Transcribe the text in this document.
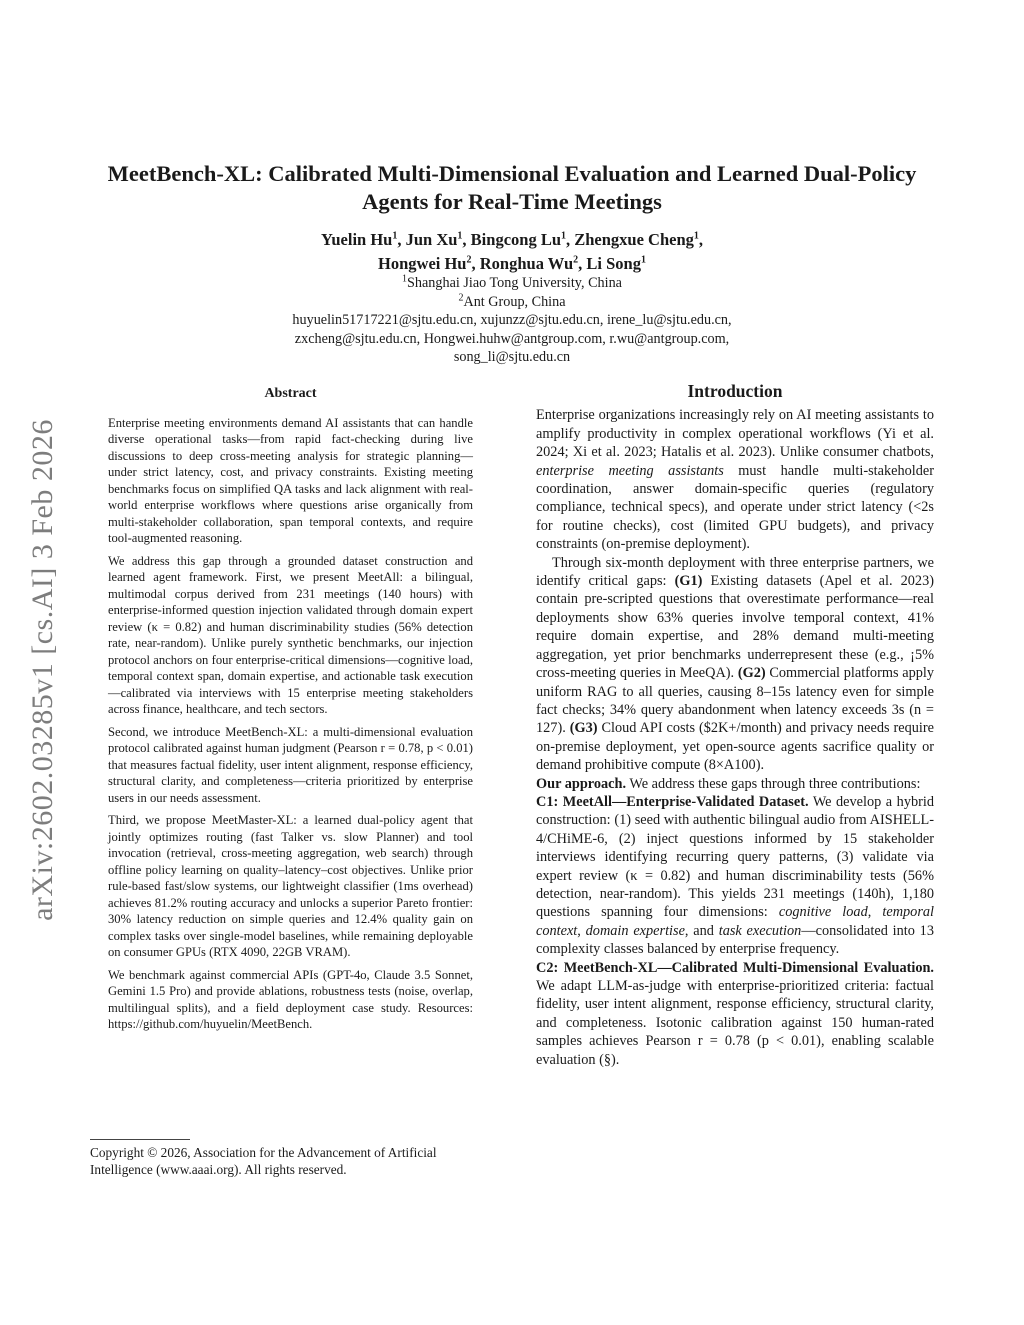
arXiv:2602.03285v1 [cs.AI] 3 Feb 2026
MeetBench-XL: Calibrated Multi-Dimensional Evaluation and Learned Dual-Policy Agents for Real-Time Meetings
Yuelin Hu$^1$, Jun Xu$^1$, Bingcong Lu$^1$, Zhengxue Cheng$^1$,
Hongwei Hu$^2$, Ronghua Wu$^2$, Li Song$^1$
$^1$Shanghai Jiao Tong University, China
$^2$Ant Group, China
huyuelin51717221@sjtu.edu.cn, xujunzz@sjtu.edu.cn, irene_lu@sjtu.edu.cn,
zxcheng@sjtu.edu.cn, Hongwei.huhw@antgroup.com, r.wu@antgroup.com,
song_li@sjtu.edu.cn
Abstract

Enterprise meeting environments demand AI assistants that can handle diverse operational tasks—from rapid fact-checking during live discussions to deep cross-meeting analysis for strategic planning—under strict latency, cost, and privacy constraints. Existing meeting benchmarks focus on simplified QA tasks and lack alignment with real-world enterprise workflows where questions arise organically from multi-stakeholder collaboration, span temporal contexts, and require tool-augmented reasoning.

We address this gap through a grounded dataset construction and learned agent framework. First, we present MeetAll: a bilingual, multimodal corpus derived from 231 meetings (140 hours) with enterprise-informed question injection validated through domain expert review (κ = 0.82) and human discriminability studies (56% detection rate, near-random). Unlike purely synthetic benchmarks, our injection protocol anchors on four enterprise-critical dimensions—cognitive load, temporal context span, domain expertise, and actionable task execution—calibrated via interviews with 15 enterprise meeting stakeholders across finance, healthcare, and tech sectors.

Second, we introduce MeetBench-XL: a multi-dimensional evaluation protocol calibrated against human judgment (Pearson r = 0.78, p < 0.01) that measures factual fidelity, user intent alignment, response efficiency, structural clarity, and completeness—criteria prioritized by enterprise users in our needs assessment.

Third, we propose MeetMaster-XL: a learned dual-policy agent that jointly optimizes routing (fast Talker vs. slow Planner) and tool invocation (retrieval, cross-meeting aggregation, web search) through offline policy learning on quality–latency–cost objectives. Unlike prior rule-based fast/slow systems, our lightweight classifier (1ms overhead) achieves 81.2% routing accuracy and unlocks a superior Pareto frontier: 30% latency reduction on simple queries and 12.4% quality gain on complex tasks over single-model baselines, while remaining deployable on consumer GPUs (RTX 4090, 22GB VRAM).

We benchmark against commercial APIs (GPT-4o, Claude 3.5 Sonnet, Gemini 1.5 Pro) and provide ablations, robustness tests (noise, overlap, multilingual splits), and a field deployment case study. Resources: https://github.com/huyuelin/MeetBench.

Copyright © 2026, Association for the Advancement of Artificial Intelligence (www.aaai.org). All rights reserved.
Introduction

Enterprise organizations increasingly rely on AI meeting assistants to amplify productivity in complex operational workflows (Yi et al. 2024; Xi et al. 2023; Hatalis et al. 2023). Unlike consumer chatbots, enterprise meeting assistants must handle multi-stakeholder coordination, answer domain-specific queries (regulatory compliance, technical specs), and operate under strict latency (<2s for routine checks), cost (limited GPU budgets), and privacy constraints (on-premise deployment).

Through six-month deployment with three enterprise partners, we identify critical gaps: (G1) Existing datasets (Apel et al. 2023) contain pre-scripted questions that overestimate performance—real deployments show 63% queries involve temporal context, 41% require domain expertise, and 28% demand multi-meeting aggregation, yet prior benchmarks underrepresent these (e.g., ¡5% cross-meeting queries in MeeQA). (G2) Commercial platforms apply uniform RAG to all queries, causing 8–15s latency even for simple fact checks; 34% query abandonment when latency exceeds 3s (n = 127). (G3) Cloud API costs ($2K+/month) and privacy needs require on-premise deployment, yet open-source agents sacrifice quality or demand prohibitive compute (8×A100).

Our approach. We address these gaps through three contributions:

C1: MeetAll—Enterprise-Validated Dataset. We develop a hybrid construction: (1) seed with authentic bilingual audio from AISHELL-4/CHiME-6, (2) inject questions informed by 15 stakeholder interviews identifying recurring query patterns, (3) validate via expert review (κ = 0.82) and human discriminability tests (56% detection, near-random). This yields 231 meetings (140h), 1,180 questions spanning four dimensions: cognitive load, temporal context, domain expertise, and task execution—consolidated into 13 complexity classes balanced by enterprise frequency.

C2: MeetBench-XL—Calibrated Multi-Dimensional Evaluation. We adapt LLM-as-judge with enterprise-prioritized criteria: factual fidelity, user intent alignment, response efficiency, structural clarity, and completeness. Isotonic calibration against 150 human-rated samples achieves Pearson r = 0.78 (p < 0.01), enabling scalable evaluation (§).
